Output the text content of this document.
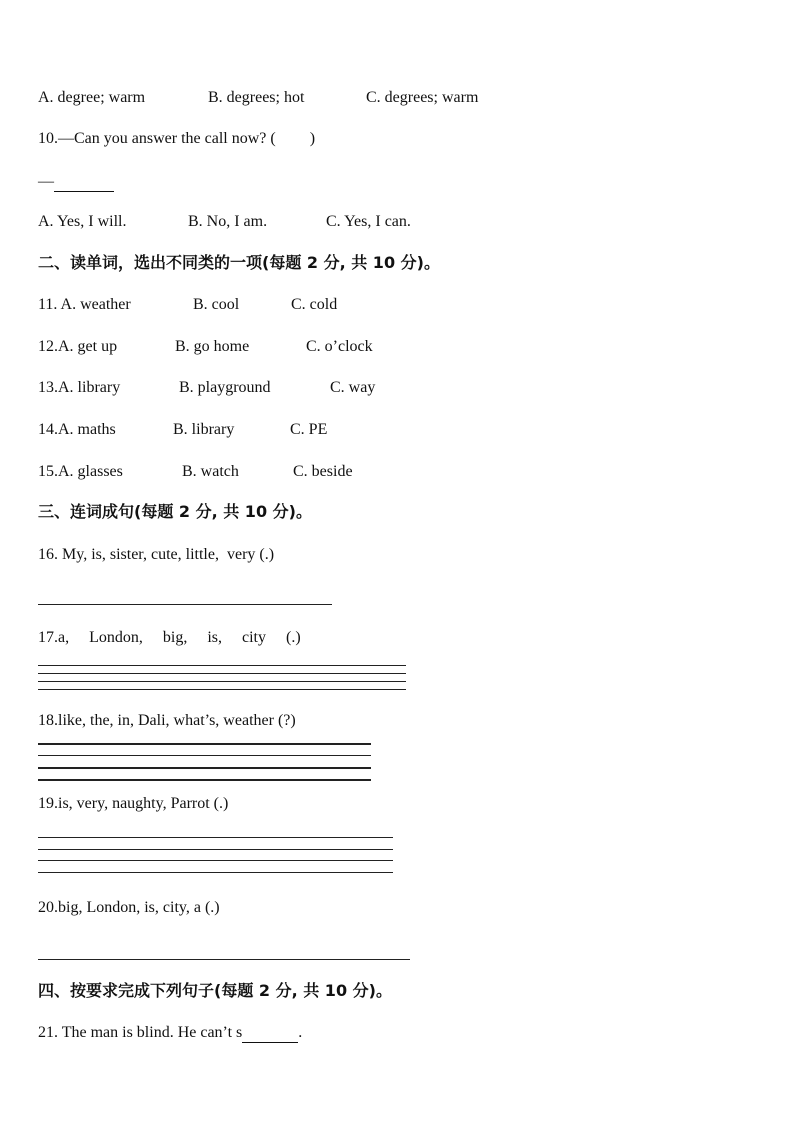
A. degree; warm	B. degrees; hot	C. degrees; warm
10.—Can you answer the call now? ( )
—
A. Yes, I will.	B. No, I am.	C. Yes, I can.
二、读单词，选出不同类的一项(每题 2 分, 共 10 分)。
11. A. weather	B. cool	C. cold
12.A. get up	B. go home	C. o’clock
13.A. library	B. playground	C. way
14.A. maths	B. library	C. PE
15.A. glasses	B. watch	C. beside
三、连词成句(每题 2 分, 共 10 分)。
16. My, is, sister, cute, little,  very (.)
17.a,     London,     big,     is,     city     (.)
18.like, the, in, Dali, what’s, weather (?)
19.is, very, naughty, Parrot (.)
20.big, London, is, city, a (.)
四、按要求完成下列句子(每题 2 分, 共 10 分)。
21. The man is blind. He can’t s	.
